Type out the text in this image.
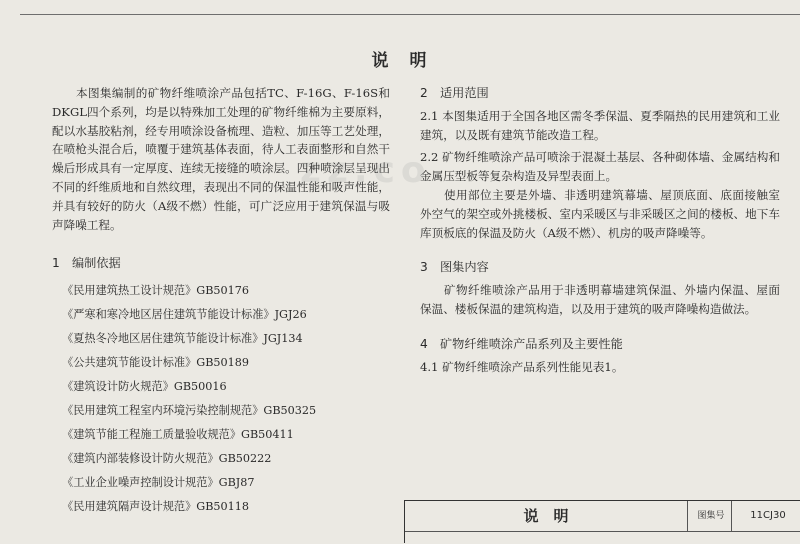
zz.co
说　明

本图集编制的矿物纤维喷涂产品包括TC、F-16G、F-16S和DKGL四个系列，均是以特殊加工处理的矿物纤维棉为主要原料，配以水基胶粘剂，经专用喷涂设备梳理、造粒、加压等工艺处理，在喷枪头混合后，喷覆于建筑基体表面，待人工表面整形和自然干燥后形成具有一定厚度、连续无接缝的喷涂层。四种喷涂层呈现出不同的纤维质地和自然纹理，表现出不同的保温性能和吸声性能，并具有较好的防火（A级不燃）性能，可广泛应用于建筑保温与吸声降噪工程。

1 编制依据

《民用建筑热工设计规范》GB50176
《严寒和寒冷地区居住建筑节能设计标准》JGJ26
《夏热冬冷地区居住建筑节能设计标准》JGJ134
《公共建筑节能设计标准》GB50189
《建筑设计防火规范》GB50016
《民用建筑工程室内环境污染控制规范》GB50325
《建筑节能工程施工质量验收规范》GB50411
《建筑内部装修设计防火规范》GB50222
《工业企业噪声控制设计规范》GBJ87
《民用建筑隔声设计规范》GB50118

2 适用范围

2.1 本图集适用于全国各地区需冬季保温、夏季隔热的民用建筑和工业建筑，以及既有建筑节能改造工程。

2.2 矿物纤维喷涂产品可喷涂于混凝土基层、各种砌体墙、金属结构和金属压型板等复杂构造及异型表面上。

使用部位主要是外墙、非透明建筑幕墙、屋顶底面、底面接触室外空气的架空或外挑楼板、室内采暖区与非采暖区之间的楼板、地下车库顶板底的保温及防火（A级不燃）、机房的吸声降噪等。

3 图集内容

矿物纤维喷涂产品用于非透明幕墙建筑保温、外墙内保温、屋面保温、楼板保温的建筑构造，以及用于建筑的吸声降噪构造做法。

4 矿物纤维喷涂产品系列及主要性能

4.1 矿物纤维喷涂产品系列性能见表1。

说　明	图集号	11CJ30
